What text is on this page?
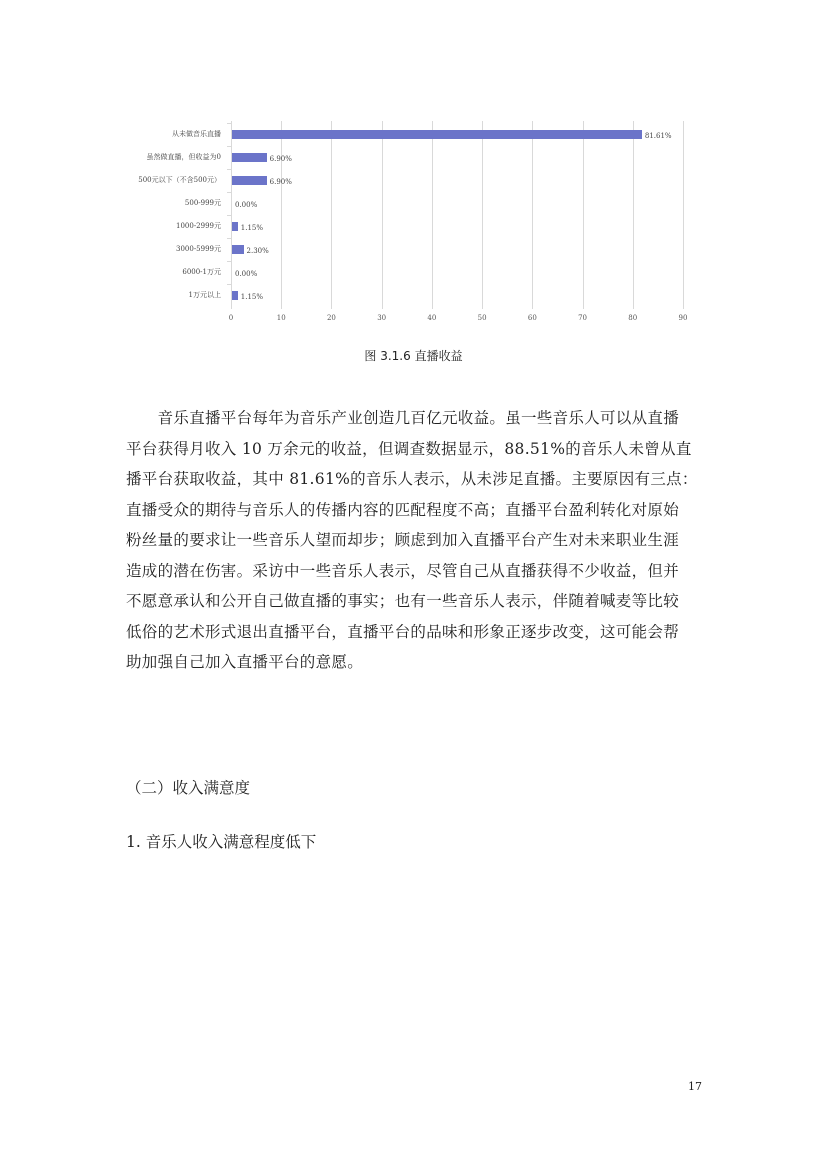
从未做音乐直播
虽然做直播，但收益为0
500元以下（不含500元）
500-999元
1000-2999元
3000-5999元
6000-1万元
1万元以上
0	10	20	30	40	50	60	70	80	90
81.61%
6.90%
6.90%
0.00%
1.15%
2.30%
0.00%
1.15%
图 3.1.6 直播收益
　　音乐直播平台每年为音乐产业创造几百亿元收益。虽一些音乐人可以从直播
平台获得月收入 10 万余元的收益，但调查数据显示，88.51%的音乐人未曾从直
播平台获取收益，其中 81.61%的音乐人表示，从未涉足直播。主要原因有三点：
直播受众的期待与音乐人的传播内容的匹配程度不高；直播平台盈利转化对原始
粉丝量的要求让一些音乐人望而却步；顾虑到加入直播平台产生对未来职业生涯
造成的潜在伤害。采访中一些音乐人表示，尽管自己从直播获得不少收益，但并
不愿意承认和公开自己做直播的事实；也有一些音乐人表示，伴随着喊麦等比较
低俗的艺术形式退出直播平台，直播平台的品味和形象正逐步改变，这可能会帮
助加强自己加入直播平台的意愿。
（二）收入满意度
1. 音乐人收入满意程度低下
17
